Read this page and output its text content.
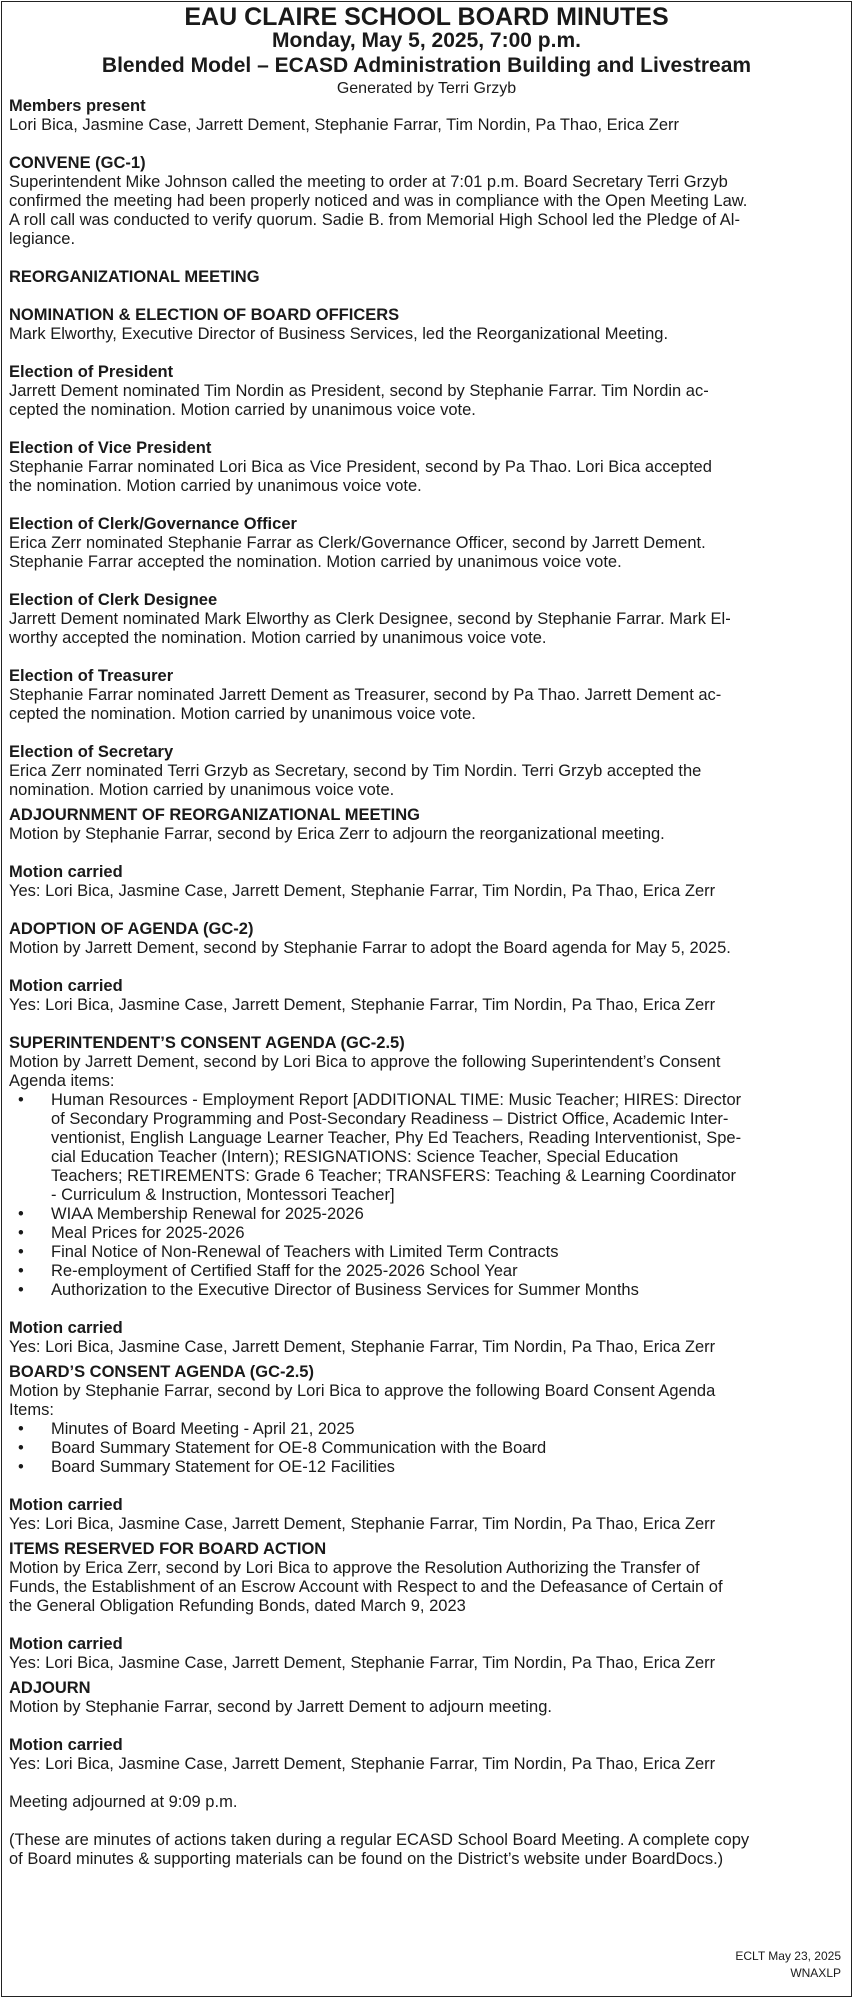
EAU CLAIRE SCHOOL BOARD MINUTES
Monday, May 5, 2025, 7:00 p.m.
Blended Model – ECASD Administration Building and Livestream
Generated by Terri Grzyb
Members present
Lori Bica, Jasmine Case, Jarrett Dement, Stephanie Farrar, Tim Nordin, Pa Thao, Erica Zerr
CONVENE (GC-1)
Superintendent Mike Johnson called the meeting to order at 7:01 p.m. Board Secretary Terri Grzyb
confirmed the meeting had been properly noticed and was in compliance with the Open Meeting Law.
A roll call was conducted to verify quorum. Sadie B. from Memorial High School led the Pledge of Al-
legiance.
REORGANIZATIONAL MEETING
NOMINATION & ELECTION OF BOARD OFFICERS
Mark Elworthy, Executive Director of Business Services, led the Reorganizational Meeting.
Election of President
Jarrett Dement nominated Tim Nordin as President, second by Stephanie Farrar. Tim Nordin ac-
cepted the nomination. Motion carried by unanimous voice vote.
Election of Vice President
Stephanie Farrar nominated Lori Bica as Vice President, second by Pa Thao. Lori Bica accepted
the nomination. Motion carried by unanimous voice vote.
Election of Clerk/Governance Officer
Erica Zerr nominated Stephanie Farrar as Clerk/Governance Officer, second by Jarrett Dement.
Stephanie Farrar accepted the nomination. Motion carried by unanimous voice vote.
Election of Clerk Designee
Jarrett Dement nominated Mark Elworthy as Clerk Designee, second by Stephanie Farrar. Mark El-
worthy accepted the nomination. Motion carried by unanimous voice vote.
Election of Treasurer
Stephanie Farrar nominated Jarrett Dement as Treasurer, second by Pa Thao. Jarrett Dement ac-
cepted the nomination. Motion carried by unanimous voice vote.
Election of Secretary
Erica Zerr nominated Terri Grzyb as Secretary, second by Tim Nordin. Terri Grzyb accepted the
nomination. Motion carried by unanimous voice vote.
ADJOURNMENT OF REORGANIZATIONAL MEETING
Motion by Stephanie Farrar, second by Erica Zerr to adjourn the reorganizational meeting.
Motion carried
Yes: Lori Bica, Jasmine Case, Jarrett Dement, Stephanie Farrar, Tim Nordin, Pa Thao, Erica Zerr
ADOPTION OF AGENDA (GC-2)
Motion by Jarrett Dement, second by Stephanie Farrar to adopt the Board agenda for May 5, 2025.
Motion carried
Yes: Lori Bica, Jasmine Case, Jarrett Dement, Stephanie Farrar, Tim Nordin, Pa Thao, Erica Zerr
SUPERINTENDENT’S CONSENT AGENDA (GC-2.5)
Motion by Jarrett Dement, second by Lori Bica to approve the following Superintendent’s Consent
Agenda items:
• Human Resources - Employment Report [ADDITIONAL TIME: Music Teacher; HIRES: Director
of Secondary Programming and Post-Secondary Readiness – District Office, Academic Inter-
ventionist, English Language Learner Teacher, Phy Ed Teachers, Reading Interventionist, Spe-
cial Education Teacher (Intern); RESIGNATIONS: Science Teacher, Special Education
Teachers; RETIREMENTS: Grade 6 Teacher; TRANSFERS: Teaching & Learning Coordinator
- Curriculum & Instruction, Montessori Teacher]
• WIAA Membership Renewal for 2025-2026
• Meal Prices for 2025-2026
• Final Notice of Non-Renewal of Teachers with Limited Term Contracts
• Re-employment of Certified Staff for the 2025-2026 School Year
• Authorization to the Executive Director of Business Services for Summer Months
Motion carried
Yes: Lori Bica, Jasmine Case, Jarrett Dement, Stephanie Farrar, Tim Nordin, Pa Thao, Erica Zerr
BOARD’S CONSENT AGENDA (GC-2.5)
Motion by Stephanie Farrar, second by Lori Bica to approve the following Board Consent Agenda
Items:
• Minutes of Board Meeting - April 21, 2025
• Board Summary Statement for OE-8 Communication with the Board
• Board Summary Statement for OE-12 Facilities
Motion carried
Yes: Lori Bica, Jasmine Case, Jarrett Dement, Stephanie Farrar, Tim Nordin, Pa Thao, Erica Zerr
ITEMS RESERVED FOR BOARD ACTION
Motion by Erica Zerr, second by Lori Bica to approve the Resolution Authorizing the Transfer of
Funds, the Establishment of an Escrow Account with Respect to and the Defeasance of Certain of
the General Obligation Refunding Bonds, dated March 9, 2023
Motion carried
Yes: Lori Bica, Jasmine Case, Jarrett Dement, Stephanie Farrar, Tim Nordin, Pa Thao, Erica Zerr
ADJOURN
Motion by Stephanie Farrar, second by Jarrett Dement to adjourn meeting.
Motion carried
Yes: Lori Bica, Jasmine Case, Jarrett Dement, Stephanie Farrar, Tim Nordin, Pa Thao, Erica Zerr
Meeting adjourned at 9:09 p.m.
(These are minutes of actions taken during a regular ECASD School Board Meeting. A complete copy
of Board minutes & supporting materials can be found on the District’s website under BoardDocs.)
ECLT May 23, 2025
WNAXLP
